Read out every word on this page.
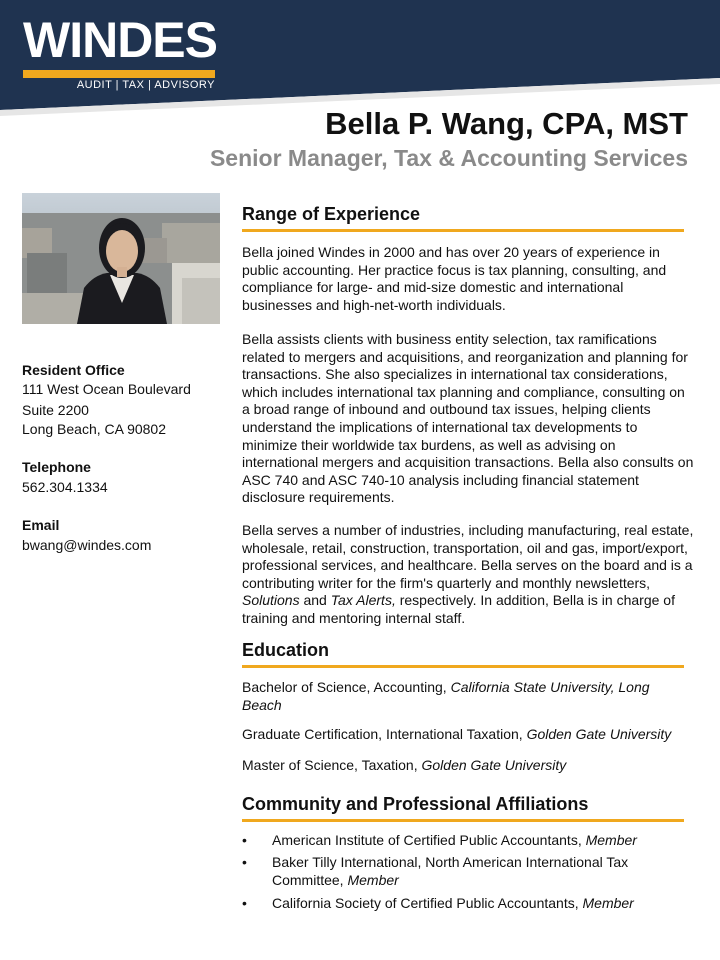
WINDES
AUDIT | TAX | ADVISORY
Bella P. Wang, CPA, MST
Senior Manager, Tax & Accounting Services
Resident Office
111 West Ocean Boulevard
Suite 2200
Long Beach, CA 90802
Telephone
562.304.1334
Email
bwang@windes.com
Range of Experience

Bella joined Windes in 2000 and has over 20 years of experience in public accounting. Her practice focus is tax planning, consulting, and compliance for large- and mid-size domestic and international businesses and high-net-worth individuals.

Bella assists clients with business entity selection, tax ramifications related to mergers and acquisitions, and reorganization and planning for transactions. She also specializes in international tax considerations, which includes international tax planning and compliance, consulting on a broad range of inbound and outbound tax issues, helping clients understand the implications of international tax developments to minimize their worldwide tax burdens, as well as advising on international mergers and acquisition transactions. Bella also consults on ASC 740 and ASC 740-10 analysis including financial statement disclosure requirements.

Bella serves a number of industries, including manufacturing, real estate, wholesale, retail, construction, transportation, oil and gas, import/export, professional services, and healthcare. Bella serves on the board and is a contributing writer for the firm's quarterly and monthly newsletters, Solutions and Tax Alerts, respectively. In addition, Bella is in charge of training and mentoring internal staff.

Education

Bachelor of Science, Accounting, California State University, Long Beach

Graduate Certification, International Taxation, Golden Gate University

Master of Science, Taxation, Golden Gate University

Community and Professional Affiliations
• American Institute of Certified Public Accountants, Member
• Baker Tilly International, North American International Tax Committee, Member
• California Society of Certified Public Accountants, Member
